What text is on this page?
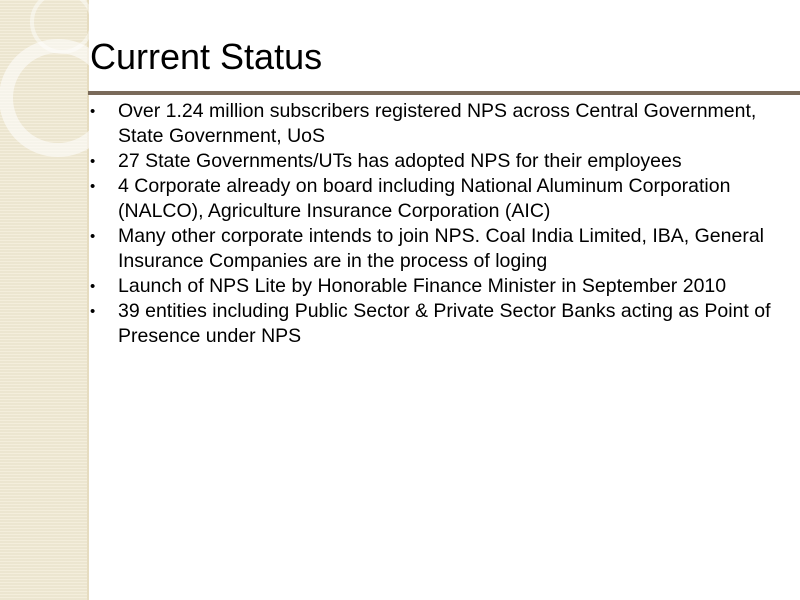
Current Status
•	Over 1.24 million subscribers registered NPS across Central Government, State Government, UoS
•	27 State Governments/UTs has adopted NPS for their employees
•	4 Corporate already on board including National Aluminum Corporation (NALCO), Agriculture Insurance Corporation (AIC)
•	Many other corporate intends to join NPS. Coal India Limited, IBA, General Insurance Companies are in the process of loging
•	Launch of NPS Lite by Honorable Finance Minister in September 2010
•	39 entities including Public Sector & Private Sector Banks acting as Point of Presence under NPS
